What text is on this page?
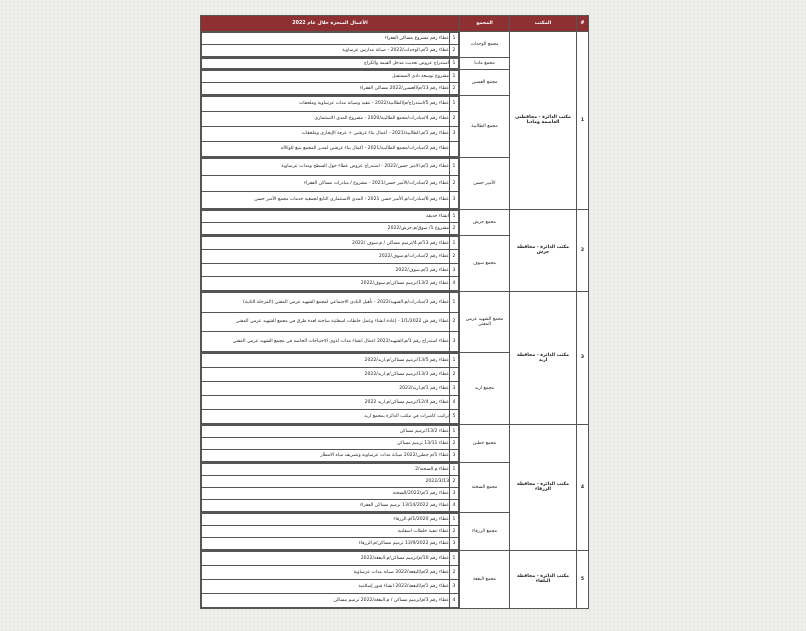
#	المكتب	المجمع	الأعمال المنجزة خلال عام 2022
1	مكتب الدائرة - محافظتي العاصمة ومادبا	مجمع الوحدات	
1	عطاء رقم مشروع مساكن الفقراء
2	عطاء رقم 1/م.الوحدات/2022 - صيانة مدارس عرساوية

مجمع مادبا	
1	استدراج عروض تحديث مدخل القيمة والكراج

مجمع العسين	
1	مشروع توسعة نادي المستقبل
2	عطاء رقم 13/م/العسين/2022 مساكن الفقراء

مجمع الطالبية	
1	عطاء رقم 5/استدراج/م/الطالبية/2022 - تنفيذ وصيانة مدات عرساوية وملحقات
2	عطاء رقم 4/مبادرات/مجمع الطالبية/2020 - مشروع المدى الاستثماري
3	عطاء رقم 1/م.الطالبية/2021 - أعمال بناء غرفتين + غرفة الإيجاري وملحقات
	عطاء رقم 2/مبادرات/مجمع الطالبية/2021 - اكمال بناء غرفتين لمدير المجمع يتبع للوكالة

الأمير حسن	
1	عطاء رقم 1/م.الامير حسن/2022 - استدراج عروض عطاء حول السطح ومدات عرساوية
2	عطاء رقم 2/مبادرات/الأمير حسن/2021 - مشروع / مبادرات مساكن الفقراء
3	عطاء رقم 6/مبادرات/م.الأمير حسن 2021 - المدى الاستثماري التابع لجمعية خدمات مجمع الأمير حسن

2	مكتب الدائرة - محافظة جرش	مجمع جرش	
1	انشاء حديقة
2	مشروع 1/ سوق/م.جرش/2022

مجمع سوف	
1	عطاء رقم 13/م.4/ترميم مساكن / م.سوف /2022
2	عطاء رقم 2/مبادرات/م.سوف/2022
3	عطاء رقم 1/م.سوف/2022
4	عطاء رقم 13/2/ترميم مساكن/م.سوف/2022

3	مكتب الدائرة - محافظة اربد	مجمع الشهيد عزمي المفتي	
1	عطاء رقم 3/مبادرات/م.الشهيد/2022 - تأهيل النادي الاجتماعي لمجمع الشهيد عزمي المفتي (المرحلة الثانية)
2	عطاء رقم ش 1/1/2022 - إعادة انشاء وعمل خلطات اسفلتية ساخنة لعدة طرق في مجمع الشهيد عزمي المفتي
3	عطاء استدراج رقم 1/م.الشهيد/2022 اعمال انشاء مدات لذوي الاحتياجات الخاصة في مجمع الشهيد عزمي المفتي

مجمع اربد	
1	عطاء رقم 13/5/ترميم مساكن/م.اربد/2022
2	عطاء رقم 13/3/ترميم مساكن/م.اربد/2022
3	عطاء رقم 1/م.اربد/2022
4	عطاء رقم 12/4/ترميم مساكن/م.اربد 2022
5	تركيب كاميرات في مكتب الدائرة بمجمع اربد

4	مكتب الدائرة - محافظة الزرقاء	مجمع حطين	
1	عطاء 13/2/ترميم مساكن
2	عطاء 13/11 ترميم مساكن
3	عطاء 1/م حطين/2022 صيانة مدات عرساوية وتصريف مياه الامطار

مجمع السخنة	
1	عطاء م.السخنة/2
2	2022/3/13
3	عطاء رقم 1/م/2022/السخنة
4	عطاء رقم 13/14/2022 ترميم مساكن الفقراء

مجمع الزرقاء	
1	عطاء رقم 1/2020/م.الزرقاء
2	عطاء تنفيذ خلطات اسفلتية
3	عطاء رقم 13/9/2022 ترميم مساكن/م.الزرقاء

5	مكتب الدائرة - محافظة البلقاء	مجمع البقعة	
1	عطاء رقم 10/م/ترميم مساكن/م.البقعة/2022
2	عطاء رقم 2/م/البقعة/2022 صيانة مدات عرساوية
3	عطاء رقم 1/م/البقعة/2022 انشاء قبور إسلامية
4	عطاء رقم 3/م/ترميم مساكن / م.البقعة/2022 ترميم مساكن
